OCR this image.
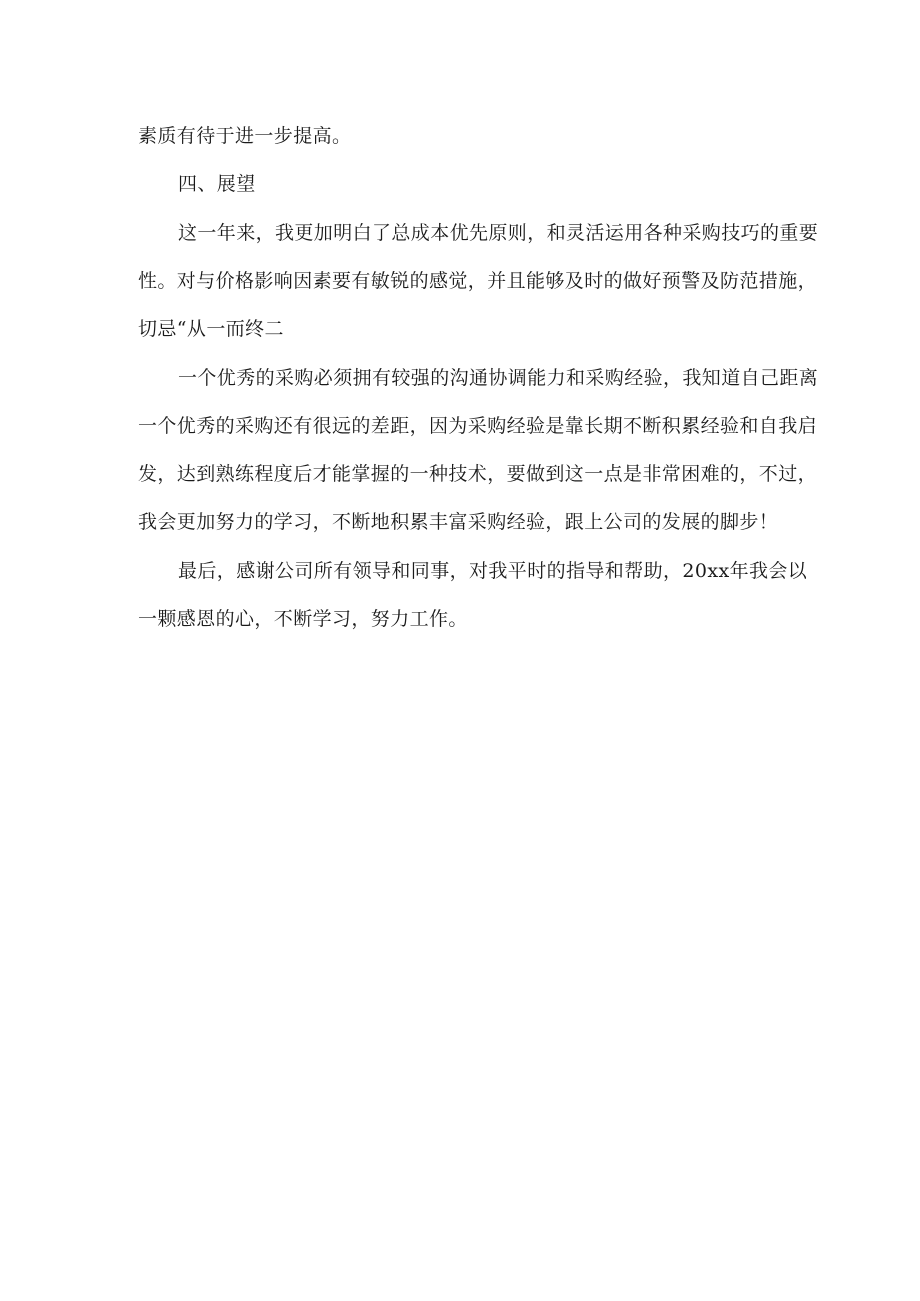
素质有待于进一步提高。
四、展望
这一年来，我更加明白了总成本优先原则，和灵活运用各种采购技巧的重要
性。对与价格影响因素要有敏锐的感觉，并且能够及时的做好预警及防范措施，
切忌“从一而终二
一个优秀的采购必须拥有较强的沟通协调能力和采购经验，我知道自己距离
一个优秀的采购还有很远的差距，因为采购经验是靠长期不断积累经验和自我启
发，达到熟练程度后才能掌握的一种技术，要做到这一点是非常困难的，不过，
我会更加努力的学习，不断地积累丰富采购经验，跟上公司的发展的脚步！
最后，感谢公司所有领导和同事，对我平时的指导和帮助，20xx年我会以
一颗感恩的心，不断学习，努力工作。
